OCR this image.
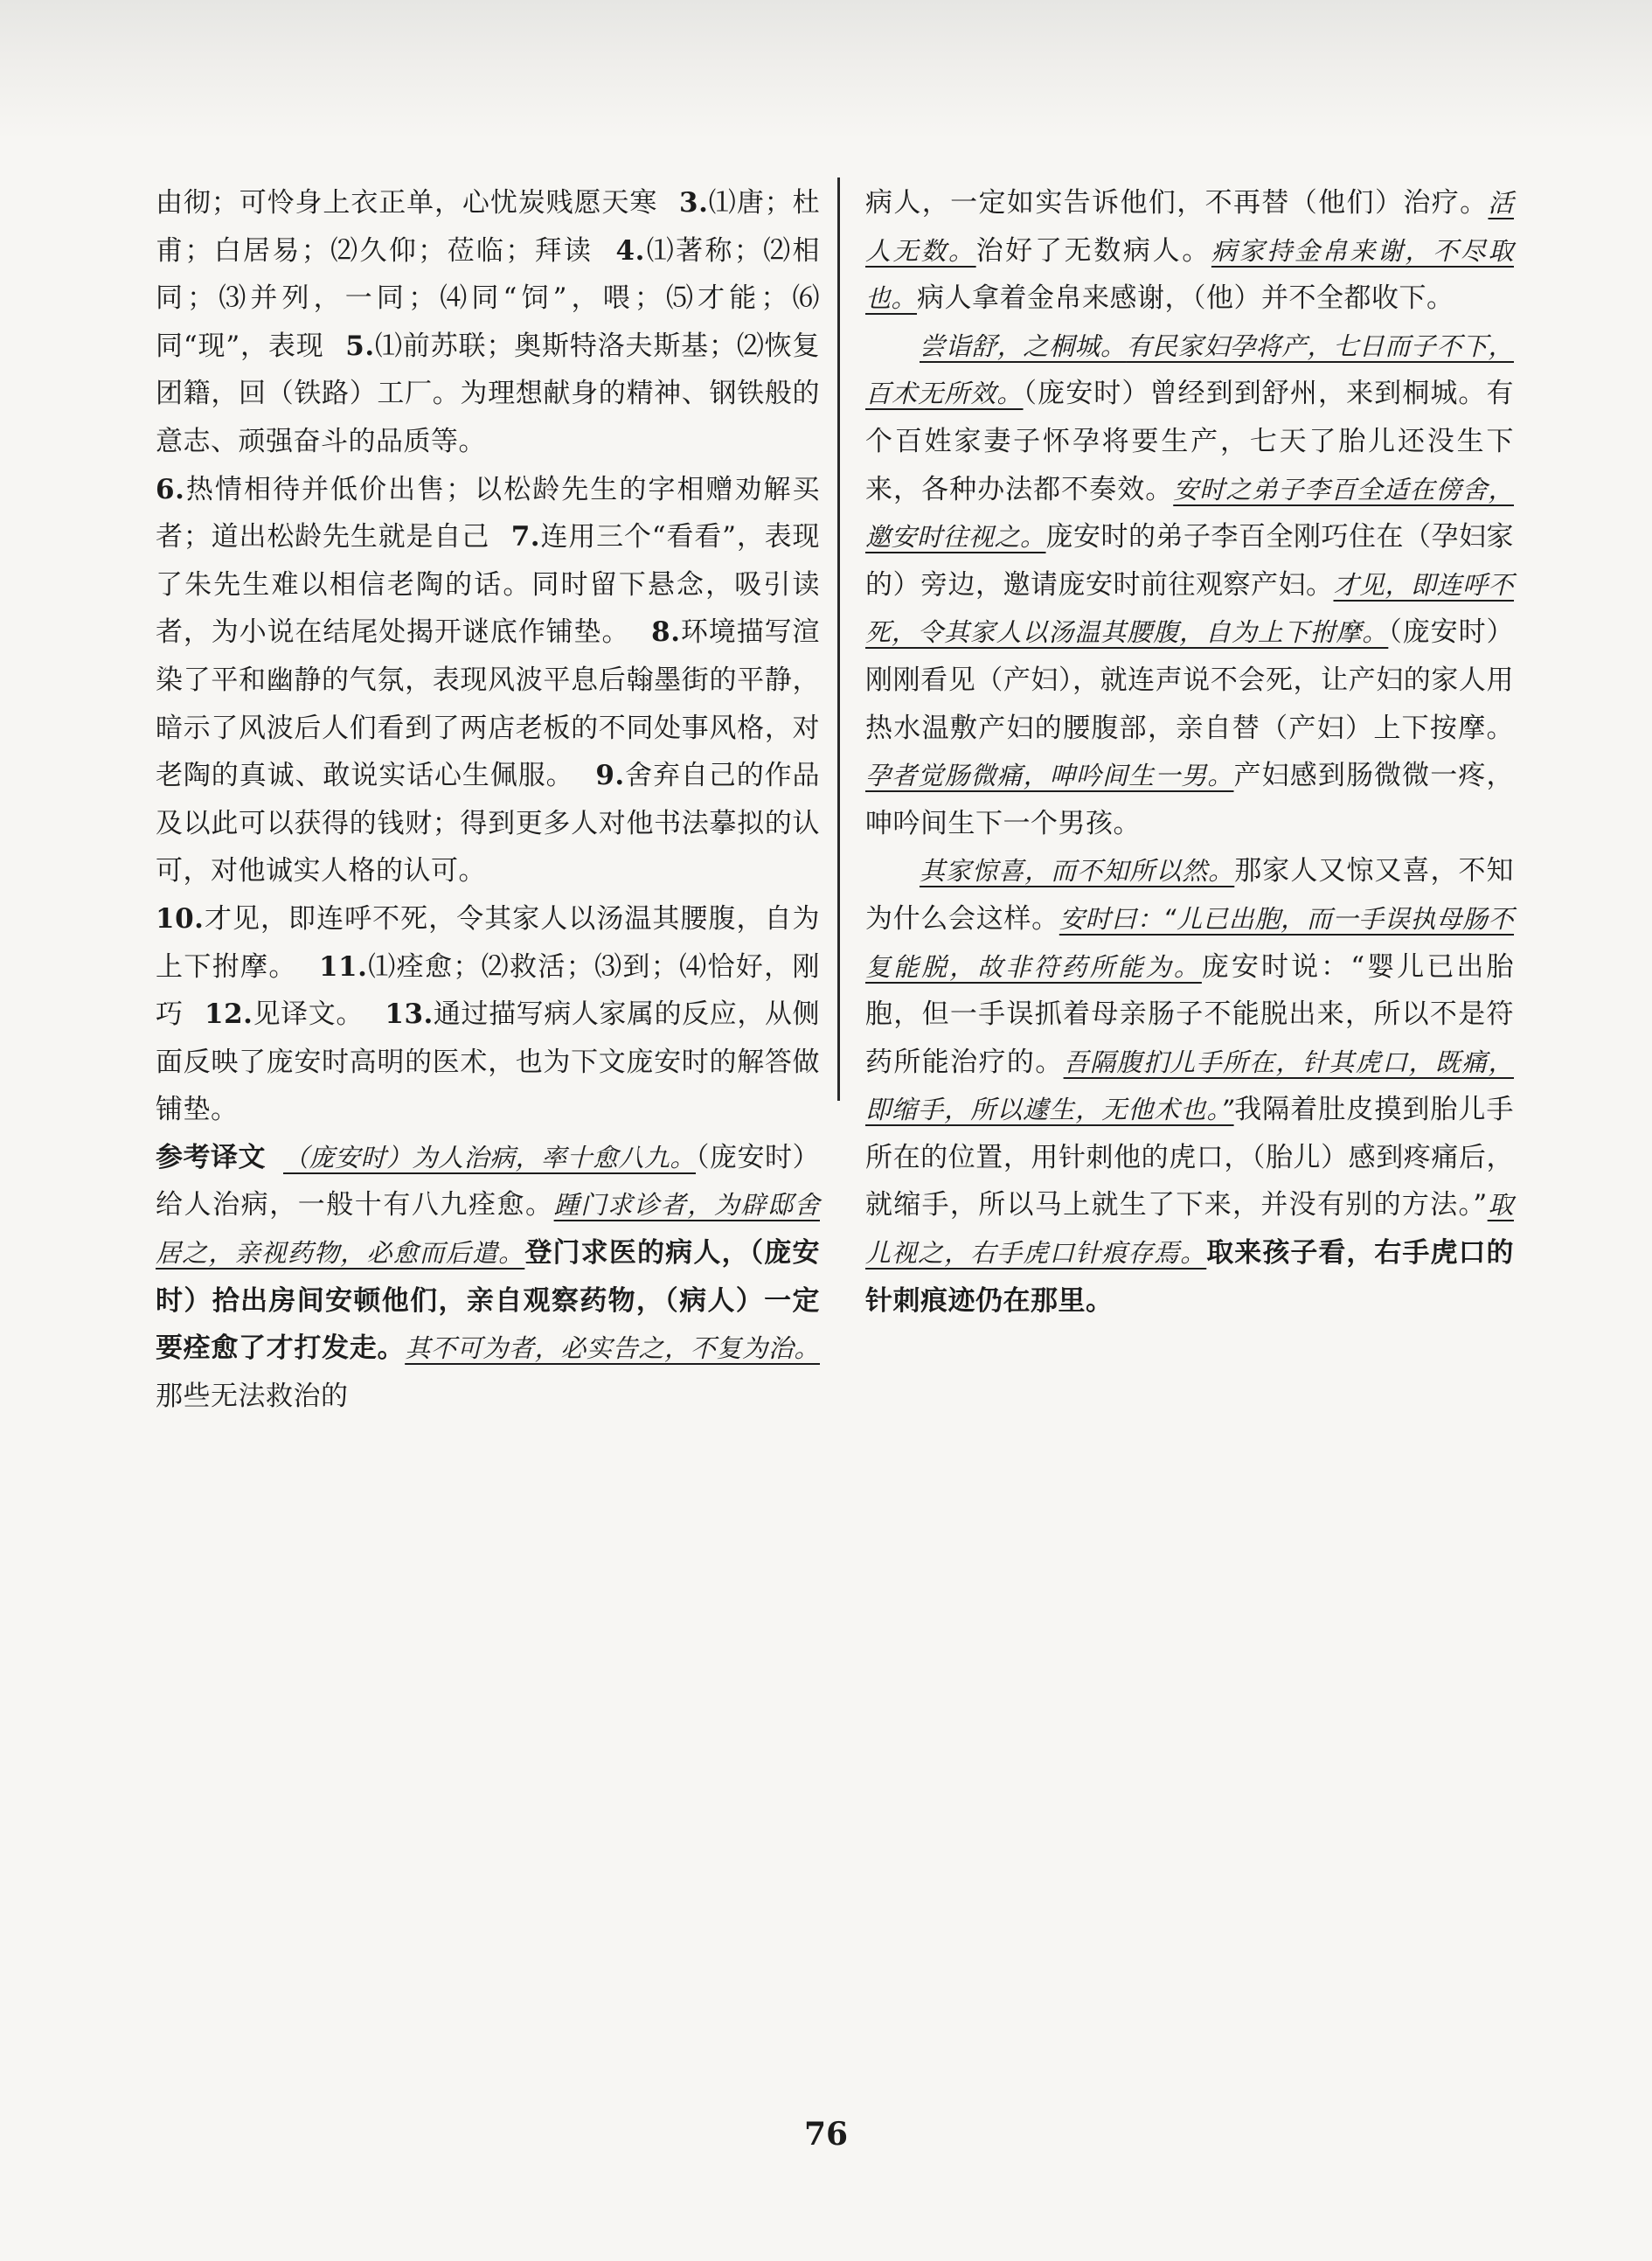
由彻；可怜身上衣正单，心忧炭贱愿天寒 3.⑴唐；杜甫；白居易；⑵久仰；莅临；拜读 4.⑴著称；⑵相同；⑶并列，一同；⑷同“饲”，喂；⑸才能；⑹同“现”，表现 5.⑴前苏联；奥斯特洛夫斯基；⑵恢复团籍，回（铁路）工厂。为理想献身的精神、钢铁般的意志、顽强奋斗的品质等。
6.热情相待并低价出售；以松龄先生的字相赠劝解买者；道出松龄先生就是自己 7.连用三个“看看”，表现了朱先生难以相信老陶的话。同时留下悬念，吸引读者，为小说在结尾处揭开谜底作铺垫。 8.环境描写渲染了平和幽静的气氛，表现风波平息后翰墨街的平静，暗示了风波后人们看到了两店老板的不同处事风格，对老陶的真诚、敢说实话心生佩服。 9.舍弃自己的作品及以此可以获得的钱财；得到更多人对他书法摹拟的认可，对他诚实人格的认可。
10.才见，即连呼不死，令其家人以汤温其腰腹，自为上下拊摩。 11.⑴痊愈；⑵救活；⑶到；⑷恰好，刚巧 12.见译文。 13.通过描写病人家属的反应，从侧面反映了庞安时高明的医术，也为下文庞安时的解答做铺垫。

参考译文 （庞安时）为人治病，率十愈八九。（庞安时）给人治病，一般十有八九痊愈。踵门求诊者，为辟邸舍居之，亲视药物，必愈而后遣。登门求医的病人，（庞安时）拾出房间安顿他们，亲自观察药物，（病人）一定要痊愈了才打发走。其不可为者，必实告之，不复为治。那些无法救治的

病人，一定如实告诉他们，不再替（他们）治疗。活人无数。治好了无数病人。病家持金帛来谢，不尽取也。病人拿着金帛来感谢，（他）并不全都收下。

尝诣舒，之桐城。有民家妇孕将产，七日而子不下，百术无所效。（庞安时）曾经到到舒州，来到桐城。有个百姓家妻子怀孕将要生产，七天了胎儿还没生下来，各种办法都不奏效。安时之弟子李百全适在傍舍，邀安时往视之。庞安时的弟子李百全刚巧住在（孕妇家的）旁边，邀请庞安时前往观察产妇。才见，即连呼不死，令其家人以汤温其腰腹，自为上下拊摩。（庞安时）刚刚看见（产妇），就连声说不会死，让产妇的家人用热水温敷产妇的腰腹部，亲自替（产妇）上下按摩。孕者觉肠微痛，呻吟间生一男。产妇感到肠微微一疼，呻吟间生下一个男孩。

其家惊喜，而不知所以然。那家人又惊又喜，不知为什么会这样。安时曰：“儿已出胞，而一手误执母肠不复能脱，故非符药所能为。庞安时说：“婴儿已出胎胞，但一手误抓着母亲肠子不能脱出来，所以不是符药所能治疗的。吾隔腹扪儿手所在，针其虎口，既痛，即缩手，所以遽生，无他术也。”我隔着肚皮摸到胎儿手所在的位置，用针刺他的虎口，（胎儿）感到疼痛后，就缩手，所以马上就生了下来，并没有别的方法。”取儿视之，右手虎口针痕存焉。取来孩子看，右手虎口的针刺痕迹仍在那里。

76
